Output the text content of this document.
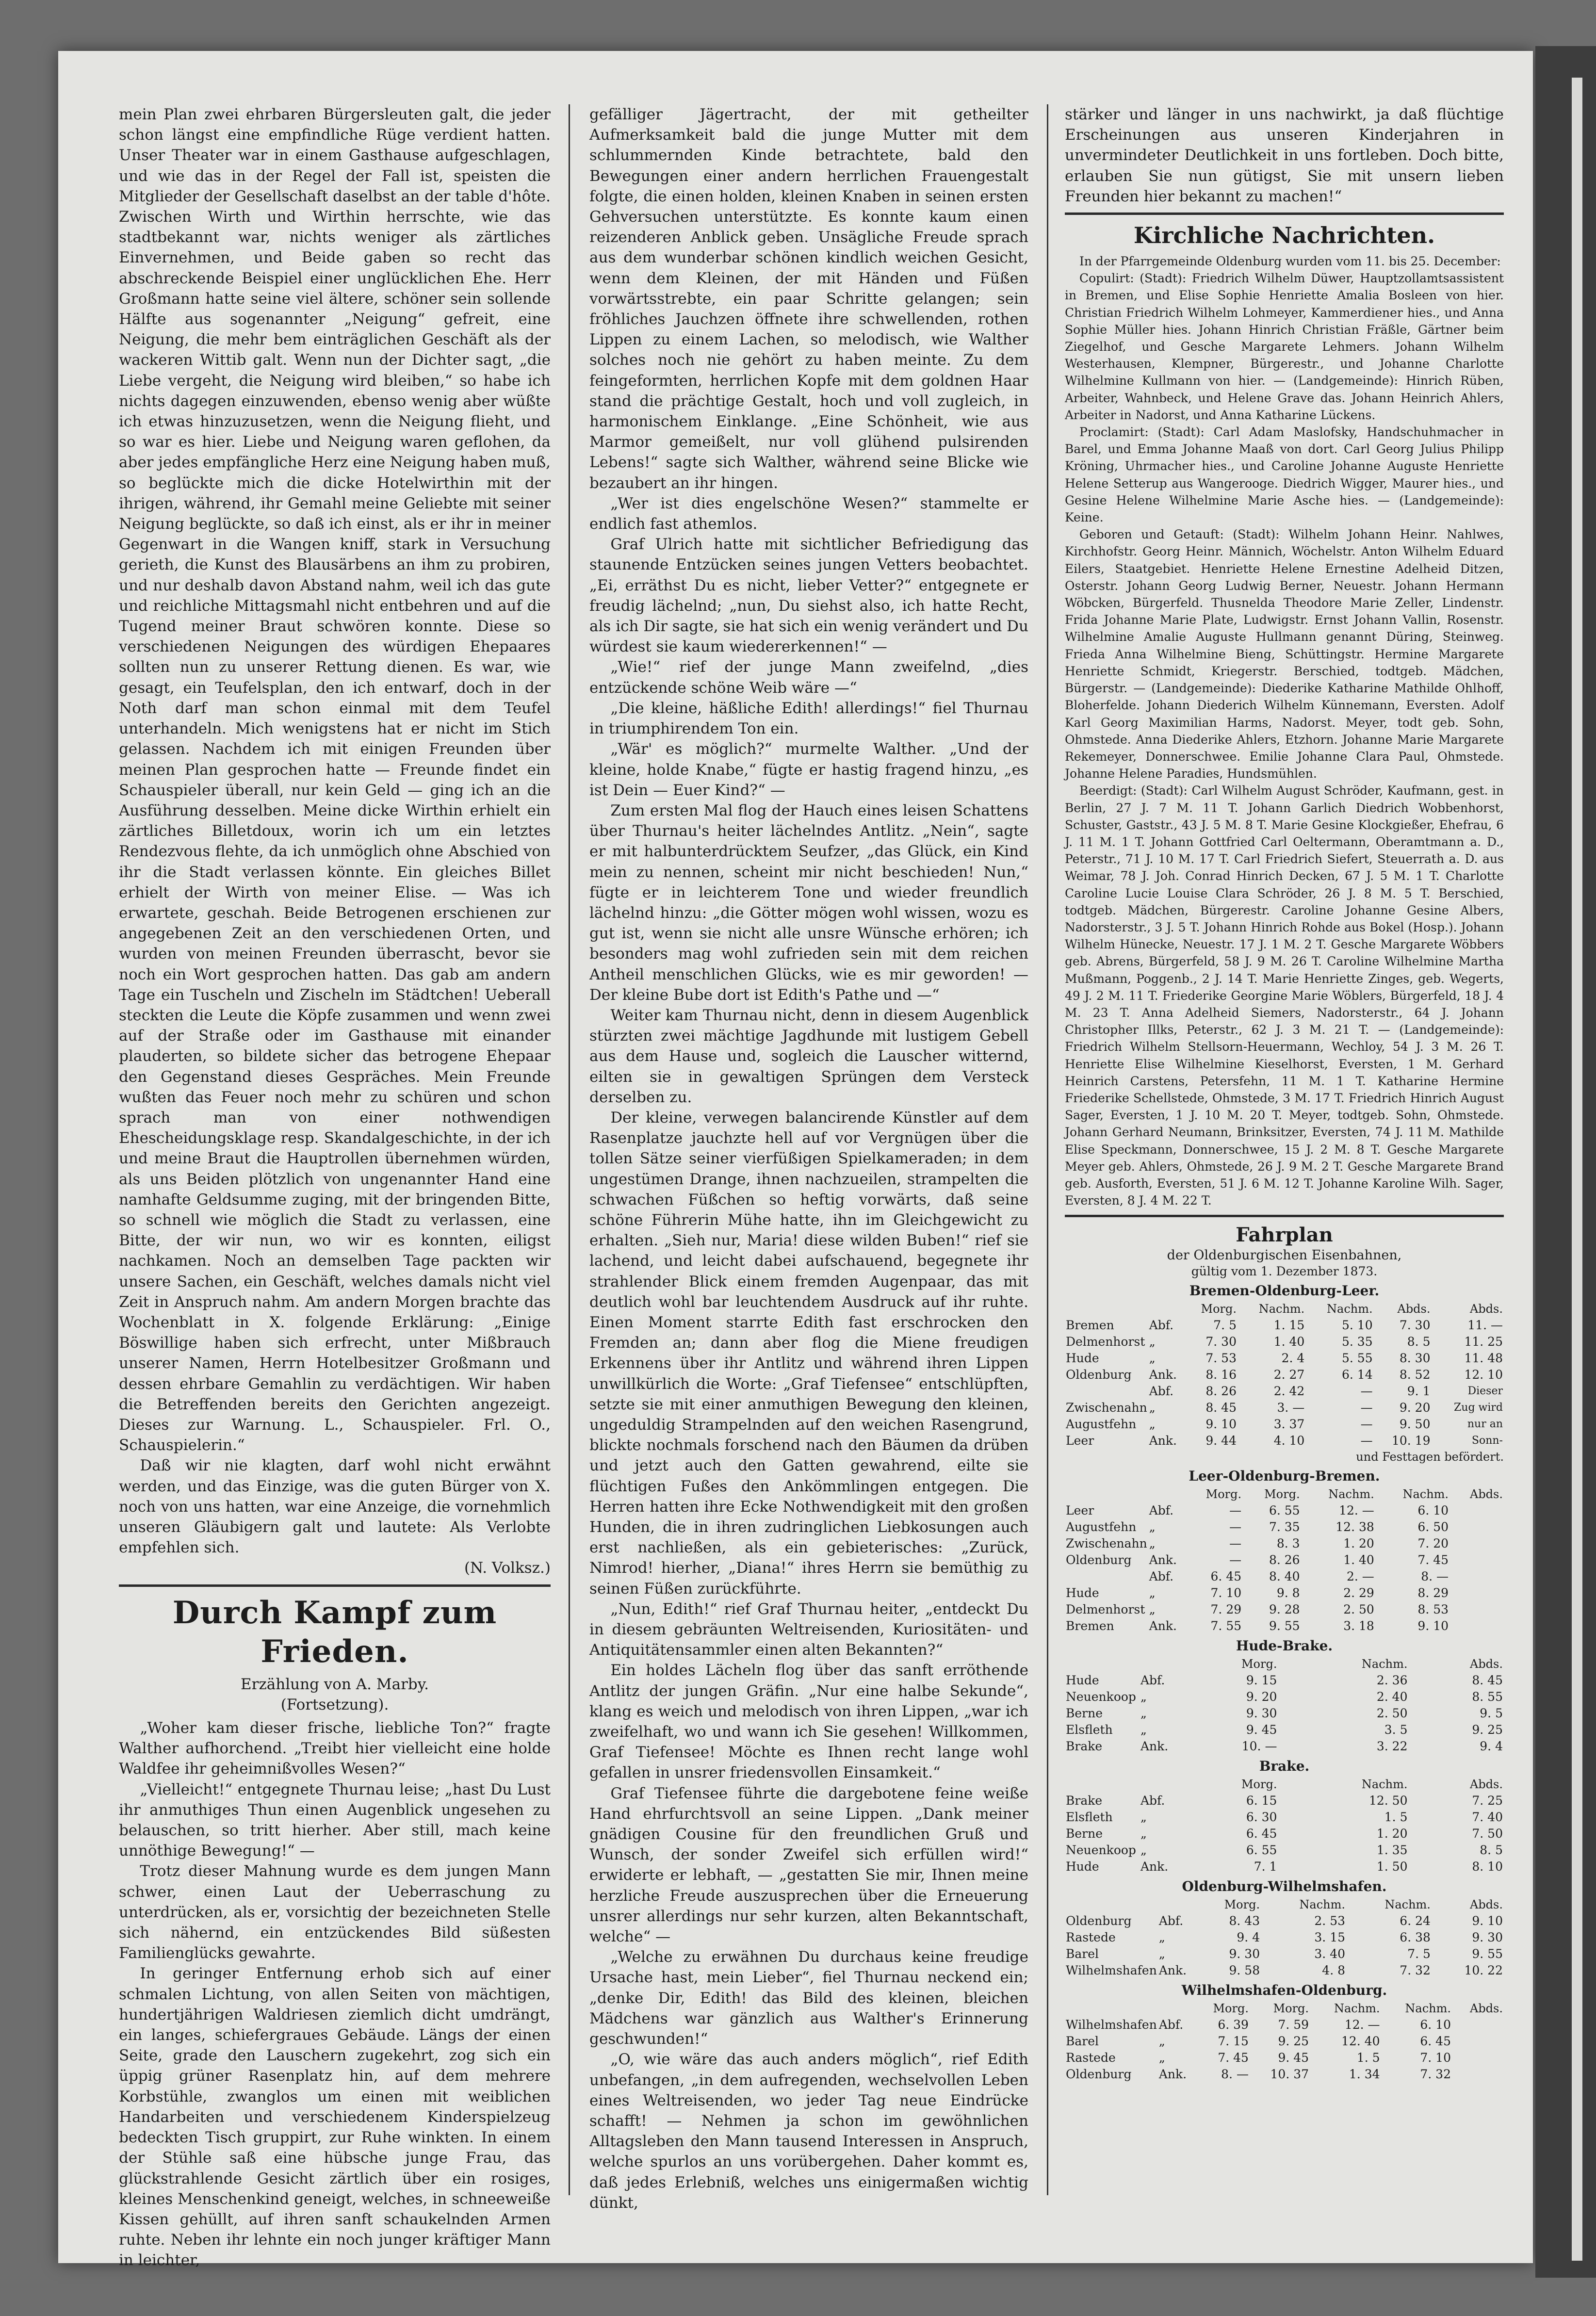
mein Plan zwei ehrbaren Bürgersleuten galt, die jeder schon längst eine empfindliche Rüge verdient hatten. Unser Theater war in einem Gasthause aufgeschlagen, und wie das in der Regel der Fall ist, speisten die Mitglieder der Gesellschaft daselbst an der table d'hôte. Zwischen Wirth und Wirthin herrschte, wie das stadtbekannt war, nichts weniger als zärtliches Einvernehmen, und Beide gaben so recht das abschreckende Beispiel einer unglücklichen Ehe. Herr Großmann hatte seine viel ältere, schöner sein sollende Hälfte aus sogenannter „Neigung“ gefreit, eine Neigung, die mehr bem einträglichen Geschäft als der wackeren Wittib galt. Wenn nun der Dichter sagt, „die Liebe vergeht, die Neigung wird bleiben,“ so habe ich nichts dagegen einzuwenden, ebenso wenig aber wüßte ich etwas hinzuzusetzen, wenn die Neigung flieht, und so war es hier. Liebe und Neigung waren geflohen, da aber jedes empfängliche Herz eine Neigung haben muß, so beglückte mich die dicke Hotelwirthin mit der ihrigen, während, ihr Gemahl meine Geliebte mit seiner Neigung beglückte, so daß ich einst, als er ihr in meiner Gegenwart in die Wangen kniff, stark in Versuchung gerieth, die Kunst des Blausärbens an ihm zu probiren, und nur deshalb davon Abstand nahm, weil ich das gute und reichliche Mittagsmahl nicht entbehren und auf die Tugend meiner Braut schwören konnte. Diese so verschiedenen Neigungen des würdigen Ehepaares sollten nun zu unserer Rettung dienen. Es war, wie gesagt, ein Teufelsplan, den ich entwarf, doch in der Noth darf man schon einmal mit dem Teufel unterhandeln. Mich wenigstens hat er nicht im Stich gelassen. Nachdem ich mit einigen Freunden über meinen Plan gesprochen hatte — Freunde findet ein Schauspieler überall, nur kein Geld — ging ich an die Ausführung desselben. Meine dicke Wirthin erhielt ein zärtliches Billetdoux, worin ich um ein letztes Rendezvous flehte, da ich unmöglich ohne Abschied von ihr die Stadt verlassen könnte. Ein gleiches Billet erhielt der Wirth von meiner Elise. — Was ich erwartete, geschah. Beide Betrogenen erschienen zur angegebenen Zeit an den verschiedenen Orten, und wurden von meinen Freunden überrascht, bevor sie noch ein Wort gesprochen hatten. Das gab am andern Tage ein Tuscheln und Zischeln im Städtchen! Ueberall steckten die Leute die Köpfe zusammen und wenn zwei auf der Straße oder im Gasthause mit einander plauderten, so bildete sicher das betrogene Ehepaar den Gegenstand dieses Gespräches. Mein Freunde wußten das Feuer noch mehr zu schüren und schon sprach man von einer nothwendigen Ehescheidungsklage resp. Skandalgeschichte, in der ich und meine Braut die Hauptrollen übernehmen würden, als uns Beiden plötzlich von ungenannter Hand eine namhafte Geldsumme zuging, mit der bringenden Bitte, so schnell wie möglich die Stadt zu verlassen, eine Bitte, der wir nun, wo wir es konnten, eiligst nachkamen. Noch an demselben Tage packten wir unsere Sachen, ein Geschäft, welches damals nicht viel Zeit in Anspruch nahm. Am andern Morgen brachte das Wochenblatt in X. folgende Erklärung: „Einige Böswillige haben sich erfrecht, unter Mißbrauch unserer Namen, Herrn Hotelbesitzer Großmann und dessen ehrbare Gemahlin zu verdächtigen. Wir haben die Betreffenden bereits den Gerichten angezeigt. Dieses zur Warnung. L., Schauspieler. Frl. O., Schauspielerin.“

Daß wir nie klagten, darf wohl nicht erwähnt werden, und das Einzige, was die guten Bürger von X. noch von uns hatten, war eine Anzeige, die vornehmlich unseren Gläubigern galt und lautete: Als Verlobte empfehlen sich.

(N. Volksz.)

Durch Kampf zum Frieden.

Erzählung von A. Marby.

(Fortsetzung).

„Woher kam dieser frische, liebliche Ton?“ fragte Walther aufhorchend. „Treibt hier vielleicht eine holde Waldfee ihr geheimnißvolles Wesen?“

„Vielleicht!“ entgegnete Thurnau leise; „hast Du Lust ihr anmuthiges Thun einen Augenblick ungesehen zu belauschen, so tritt hierher. Aber still, mach keine unnöthige Bewegung!“ —

Trotz dieser Mahnung wurde es dem jungen Mann schwer, einen Laut der Ueberraschung zu unterdrücken, als er, vorsichtig der bezeichneten Stelle sich nähernd, ein entzückendes Bild süßesten Familienglücks gewahrte.

In geringer Entfernung erhob sich auf einer schmalen Lichtung, von allen Seiten von mächtigen, hundertjährigen Waldriesen ziemlich dicht umdrängt, ein langes, schiefergraues Gebäude. Längs der einen Seite, grade den Lauschern zugekehrt, zog sich ein üppig grüner Rasenplatz hin, auf dem mehrere Korbstühle, zwanglos um einen mit weiblichen Handarbeiten und verschiedenem Kinderspielzeug bedeckten Tisch gruppirt, zur Ruhe winkten. In einem der Stühle saß eine hübsche junge Frau, das glückstrahlende Gesicht zärtlich über ein rosiges, kleines Menschenkind geneigt, welches, in schneeweiße Kissen gehüllt, auf ihren sanft schaukelnden Armen ruhte. Neben ihr lehnte ein noch junger kräftiger Mann in leichter,

gefälliger Jägertracht, der mit getheilter Aufmerksamkeit bald die junge Mutter mit dem schlummernden Kinde betrachtete, bald den Bewegungen einer andern herrlichen Frauengestalt folgte, die einen holden, kleinen Knaben in seinen ersten Gehversuchen unterstützte. Es konnte kaum einen reizenderen Anblick geben. Unsägliche Freude sprach aus dem wunderbar schönen kindlich weichen Gesicht, wenn dem Kleinen, der mit Händen und Füßen vorwärtsstrebte, ein paar Schritte gelangen; sein fröhliches Jauchzen öffnete ihre schwellenden, rothen Lippen zu einem Lachen, so melodisch, wie Walther solches noch nie gehört zu haben meinte. Zu dem feingeformten, herrlichen Kopfe mit dem goldnen Haar stand die prächtige Gestalt, hoch und voll zugleich, in harmonischem Einklange. „Eine Schönheit, wie aus Marmor gemeißelt, nur voll glühend pulsirenden Lebens!“ sagte sich Walther, während seine Blicke wie bezaubert an ihr hingen.

„Wer ist dies engelschöne Wesen?“ stammelte er endlich fast athemlos.

Graf Ulrich hatte mit sichtlicher Befriedigung das staunende Entzücken seines jungen Vetters beobachtet. „Ei, erräthst Du es nicht, lieber Vetter?“ entgegnete er freudig lächelnd; „nun, Du siehst also, ich hatte Recht, als ich Dir sagte, sie hat sich ein wenig verändert und Du würdest sie kaum wiedererkennen!“ —

„Wie!“ rief der junge Mann zweifelnd, „dies entzückende schöne Weib wäre —“

„Die kleine, häßliche Edith! allerdings!“ fiel Thurnau in triumphirendem Ton ein.

„Wär' es möglich?“ murmelte Walther. „Und der kleine, holde Knabe,“ fügte er hastig fragend hinzu, „es ist Dein — Euer Kind?“ —

Zum ersten Mal flog der Hauch eines leisen Schattens über Thurnau's heiter lächelndes Antlitz. „Nein“, sagte er mit halbunterdrücktem Seufzer, „das Glück, ein Kind mein zu nennen, scheint mir nicht beschieden! Nun,“ fügte er in leichterem Tone und wieder freundlich lächelnd hinzu: „die Götter mögen wohl wissen, wozu es gut ist, wenn sie nicht alle unsre Wünsche erhören; ich besonders mag wohl zufrieden sein mit dem reichen Antheil menschlichen Glücks, wie es mir geworden! — Der kleine Bube dort ist Edith's Pathe und —“

Weiter kam Thurnau nicht, denn in diesem Augenblick stürzten zwei mächtige Jagdhunde mit lustigem Gebell aus dem Hause und, sogleich die Lauscher witternd, eilten sie in gewaltigen Sprüngen dem Versteck derselben zu.

Der kleine, verwegen balancirende Künstler auf dem Rasenplatze jauchzte hell auf vor Vergnügen über die tollen Sätze seiner vierfüßigen Spielkameraden; in dem ungestümen Drange, ihnen nachzueilen, strampelten die schwachen Füßchen so heftig vorwärts, daß seine schöne Führerin Mühe hatte, ihn im Gleichgewicht zu erhalten. „Sieh nur, Maria! diese wilden Buben!“ rief sie lachend, und leicht dabei aufschauend, begegnete ihr strahlender Blick einem fremden Augenpaar, das mit deutlich wohl bar leuchtendem Ausdruck auf ihr ruhte. Einen Moment starrte Edith fast erschrocken den Fremden an; dann aber flog die Miene freudigen Erkennens über ihr Antlitz und während ihren Lippen unwillkürlich die Worte: „Graf Tiefensee“ entschlüpften, setzte sie mit einer anmuthigen Bewegung den kleinen, ungeduldig Strampelnden auf den weichen Rasengrund, blickte nochmals forschend nach den Bäumen da drüben und jetzt auch den Gatten gewahrend, eilte sie flüchtigen Fußes den Ankömmlingen entgegen. Die Herren hatten ihre Ecke Nothwendigkeit mit den großen Hunden, die in ihren zudringlichen Liebkosungen auch erst nachließen, als ein gebieterisches: „Zurück, Nimrod! hierher, „Diana!“ ihres Herrn sie bemüthig zu seinen Füßen zurückführte.

„Nun, Edith!“ rief Graf Thurnau heiter, „entdeckt Du in diesem gebräunten Weltreisenden, Kuriositäten- und Antiquitätensammler einen alten Bekannten?“

Ein holdes Lächeln flog über das sanft erröthende Antlitz der jungen Gräfin. „Nur eine halbe Sekunde“, klang es weich und melodisch von ihren Lippen, „war ich zweifelhaft, wo und wann ich Sie gesehen! Willkommen, Graf Tiefensee! Möchte es Ihnen recht lange wohl gefallen in unsrer friedensvollen Einsamkeit.“

Graf Tiefensee führte die dargebotene feine weiße Hand ehrfurchtsvoll an seine Lippen. „Dank meiner gnädigen Cousine für den freundlichen Gruß und Wunsch, der sonder Zweifel sich erfüllen wird!“ erwiderte er lebhaft, — „gestatten Sie mir, Ihnen meine herzliche Freude auszusprechen über die Erneuerung unsrer allerdings nur sehr kurzen, alten Bekanntschaft, welche“ —

„Welche zu erwähnen Du durchaus keine freudige Ursache hast, mein Lieber“, fiel Thurnau neckend ein; „denke Dir, Edith! das Bild des kleinen, bleichen Mädchens war gänzlich aus Walther's Erinnerung geschwunden!“

„O, wie wäre das auch anders möglich“, rief Edith unbefangen, „in dem aufregenden, wechselvollen Leben eines Weltreisenden, wo jeder Tag neue Eindrücke schafft! — Nehmen ja schon im gewöhnlichen Alltagsleben den Mann tausend Interessen in Anspruch, welche spurlos an uns vorübergehen. Daher kommt es, daß jedes Erlebniß, welches uns einigermaßen wichtig dünkt,

stärker und länger in uns nachwirkt, ja daß flüchtige Erscheinungen aus unseren Kinderjahren in unvermindeter Deutlichkeit in uns fortleben. Doch bitte, erlauben Sie nun gütigst, Sie mit unsern lieben Freunden hier bekannt zu machen!“

Kirchliche Nachrichten.

In der Pfarrgemeinde Oldenburg wurden vom 11. bis 25. December:

Copulirt: (Stadt): Friedrich Wilhelm Düwer, Hauptzollamtsassistent in Bremen, und Elise Sophie Henriette Amalia Bosleen von hier. Christian Friedrich Wilhelm Lohmeyer, Kammerdiener hies., und Anna Sophie Müller hies. Johann Hinrich Christian Fräßle, Gärtner beim Ziegelhof, und Gesche Margarete Lehmers. Johann Wilhelm Westerhausen, Klempner, Bürgerestr., und Johanne Charlotte Wilhelmine Kullmann von hier. — (Landgemeinde): Hinrich Rüben, Arbeiter, Wahnbeck, und Helene Grave das. Johann Heinrich Ahlers, Arbeiter in Nadorst, und Anna Katharine Lückens.

Proclamirt: (Stadt): Carl Adam Maslofsky, Handschuhmacher in Barel, und Emma Johanne Maaß von dort. Carl Georg Julius Philipp Kröning, Uhrmacher hies., und Caroline Johanne Auguste Henriette Helene Setterup aus Wangerooge. Diedrich Wigger, Maurer hies., und Gesine Helene Wilhelmine Marie Asche hies. — (Landgemeinde): Keine.

Geboren und Getauft: (Stadt): Wilhelm Johann Heinr. Nahlwes, Kirchhofstr. Georg Heinr. Männich, Wöchelstr. Anton Wilhelm Eduard Eilers, Staatgebiet. Henriette Helene Ernestine Adelheid Ditzen, Osterstr. Johann Georg Ludwig Berner, Neuestr. Johann Hermann Wöbcken, Bürgerfeld. Thusnelda Theodore Marie Zeller, Lindenstr. Frida Johanne Marie Plate, Ludwigstr. Ernst Johann Vallin, Rosenstr. Wilhelmine Amalie Auguste Hullmann genannt Düring, Steinweg. Frieda Anna Wilhelmine Bieng, Schüttingstr. Hermine Margarete Henriette Schmidt, Kriegerstr. Berschied, todtgeb. Mädchen, Bürgerstr. — (Landgemeinde): Diederike Katharine Mathilde Ohlhoff, Bloherfelde. Johann Diederich Wilhelm Künnemann, Eversten. Adolf Karl Georg Maximilian Harms, Nadorst. Meyer, todt geb. Sohn, Ohmstede. Anna Diederike Ahlers, Etzhorn. Johanne Marie Margarete Rekemeyer, Donnerschwee. Emilie Johanne Clara Paul, Ohmstede. Johanne Helene Paradies, Hundsmühlen.

Beerdigt: (Stadt): Carl Wilhelm August Schröder, Kaufmann, gest. in Berlin, 27 J. 7 M. 11 T. Johann Garlich Diedrich Wobbenhorst, Schuster, Gaststr., 43 J. 5 M. 8 T. Marie Gesine Klockgießer, Ehefrau, 6 J. 11 M. 1 T. Johann Gottfried Carl Oeltermann, Oberamtmann a. D., Peterstr., 71 J. 10 M. 17 T. Carl Friedrich Siefert, Steuerrath a. D. aus Weimar, 78 J. Joh. Conrad Hinrich Decken, 67 J. 5 M. 1 T. Charlotte Caroline Lucie Louise Clara Schröder, 26 J. 8 M. 5 T. Berschied, todtgeb. Mädchen, Bürgerestr. Caroline Johanne Gesine Albers, Nadorsterstr., 3 J. 5 T. Johann Hinrich Rohde aus Bokel (Hosp.). Johann Wilhelm Hünecke, Neuestr. 17 J. 1 M. 2 T. Gesche Margarete Wöbbers geb. Abrens, Bürgerfeld, 58 J. 9 M. 26 T. Caroline Wilhelmine Martha Mußmann, Poggenb., 2 J. 14 T. Marie Henriette Zinges, geb. Wegerts, 49 J. 2 M. 11 T. Friederike Georgine Marie Wöblers, Bürgerfeld, 18 J. 4 M. 23 T. Anna Adelheid Siemers, Nadorsterstr., 64 J. Johann Christopher Illks, Peterstr., 62 J. 3 M. 21 T. — (Landgemeinde): Friedrich Wilhelm Stellsorn-Heuermann, Wechloy, 54 J. 3 M. 26 T. Henriette Elise Wilhelmine Kieselhorst, Eversten, 1 M. Gerhard Heinrich Carstens, Petersfehn, 11 M. 1 T. Katharine Hermine Friederike Schellstede, Ohmstede, 3 M. 17 T. Friedrich Hinrich August Sager, Eversten, 1 J. 10 M. 20 T. Meyer, todtgeb. Sohn, Ohmstede. Johann Gerhard Neumann, Brinksitzer, Eversten, 74 J. 11 M. Mathilde Elise Speckmann, Donnerschwee, 15 J. 2 M. 8 T. Gesche Margarete Meyer geb. Ahlers, Ohmstede, 26 J. 9 M. 2 T. Gesche Margarete Brand geb. Ausforth, Eversten, 51 J. 6 M. 12 T. Johanne Karoline Wilh. Sager, Eversten, 8 J. 4 M. 22 T.

Fahrplan

der Oldenburgischen Eisenbahnen,

gültig vom 1. Dezember 1873.

Bremen-Oldenburg-Leer.
		Morg.	Nachm.	Nachm.	Abds.	Abds.
Bremen	Abf.	7. 5	1. 15	5. 10	7. 30	11. —
Delmenhorst	„	7. 30	1. 40	5. 35	8. 5	11. 25
Hude	„	7. 53	2. 4	5. 55	8. 30	11. 48
Oldenburg	Ank.	8. 16	2. 27	6. 14	8. 52	12. 10
	Abf.	8. 26	2. 42	—	9. 1	Dieser
Zwischenahn	„	8. 45	3. —	—	9. 20	Zug wird
Augustfehn	„	9. 10	3. 37	—	9. 50	nur an
Leer	Ank.	9. 44	4. 10	—	10. 19	Sonn-

und Festtagen befördert.

Leer-Oldenburg-Bremen.
		Morg.	Morg.	Nachm.	Nachm.	Abds.
Leer	Abf.	—	6. 55	12. —	6. 10	
Augustfehn	„	—	7. 35	12. 38	6. 50	
Zwischenahn	„	—	8. 3	1. 20	7. 20	
Oldenburg	Ank.	—	8. 26	1. 40	7. 45	
	Abf.	6. 45	8. 40	2. —	8. —	
Hude	„	7. 10	9. 8	2. 29	8. 29	
Delmenhorst	„	7. 29	9. 28	2. 50	8. 53	
Bremen	Ank.	7. 55	9. 55	3. 18	9. 10	
Hude-Brake.
		Morg.	Nachm.	Abds.
Hude	Abf.	9. 15	2. 36	8. 45
Neuenkoop	„	9. 20	2. 40	8. 55
Berne	„	9. 30	2. 50	9. 5
Elsfleth	„	9. 45	3. 5	9. 25
Brake	Ank.	10. —	3. 22	9. 4
Brake.
		Morg.	Nachm.	Abds.
Brake	Abf.	6. 15	12. 50	7. 25
Elsfleth	„	6. 30	1. 5	7. 40
Berne	„	6. 45	1. 20	7. 50
Neuenkoop	„	6. 55	1. 35	8. 5
Hude	Ank.	7. 1	1. 50	8. 10
Oldenburg-Wilhelmshafen.
		Morg.	Nachm.	Nachm.	Abds.
Oldenburg	Abf.	8. 43	2. 53	6. 24	9. 10
Rastede	„	9. 4	3. 15	6. 38	9. 30
Barel	„	9. 30	3. 40	7. 5	9. 55
Wilhelmshafen	Ank.	9. 58	4. 8	7. 32	10. 22
Wilhelmshafen-Oldenburg.
		Morg.	Morg.	Nachm.	Nachm.	Abds.
Wilhelmshafen	Abf.	6. 39	7. 59	12. —	6. 10	
Barel	„	7. 15	9. 25	12. 40	6. 45	
Rastede	„	7. 45	9. 45	1. 5	7. 10	
Oldenburg	Ank.	8. —	10. 37	1. 34	7. 32	
